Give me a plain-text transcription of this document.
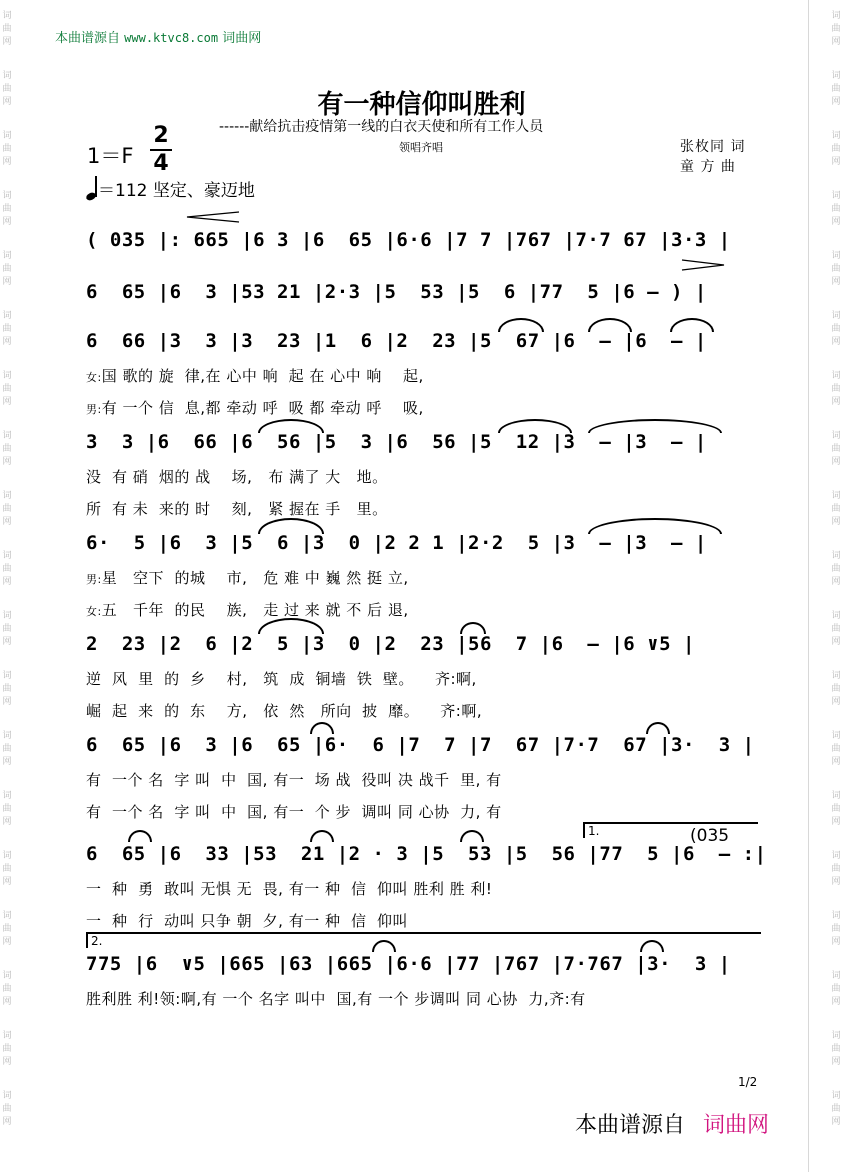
词
曲
网
词
曲
网
词
曲
网
词
曲
网
词
曲
网
词
曲
网
词
曲
网
词
曲
网
词
曲
网
词
曲
网
词
曲
网
词
曲
网
词
曲
网
词
曲
网
词
曲
网
词
曲
网
词
曲
网
词
曲
网
词
曲
网
词
曲
网
词
曲
网
词
曲
网
词
曲
网
词
曲
网
词
曲
网
词
曲
网
词
曲
网
词
曲
网
词
曲
网
词
曲
网
词
曲
网
词
曲
网
词
曲
网
词
曲
网
词
曲
网
词
曲
网
词
曲
网
词
曲
网
本曲谱源自 www.ktvc8.com 词曲网
有一种信仰叫胜利
------献给抗击疫情第一线的白衣天使和所有工作人员
领唱齐唱	张枚同 词
童 方 曲
1＝F
2
4
＝112 坚定、豪迈地
( 035 |: 665 |6 3 |6  65 |6·6 |7 7 |767 |7·7 67 |3·3 |
6  65 |6  3 |53 21 |2·3 |5  53 |5  6 |77  5 |6 — ) |
6  66 |3  3 |3  23 |1  6 |2  23 |5  67 |6  — |6  — |
女:国 歌的 旋  律,在 心中 响  起 在 心中 响    起,
男:有 一个 信  息,都 牵动 呼  吸 都 牵动 呼    吸,
3  3 |6  66 |6  56 |5  3 |6  56 |5  12 |3  — |3  — |
没  有 硝  烟的 战    场,   布 满了 大   地。
所  有 未  来的 时    刻,   紧 握在 手   里。
6·  5 |6  3 |5  6 |3  0 |2 2 1 |2·2  5 |3  — |3  — |
男:星   空下  的城    市,   危 难 中 巍 然 挺 立,
女:五   千年  的民    族,   走 过 来 就 不 后 退,
2  23 |2  6 |2  5 |3  0 |2  23 |56  7 |6  — |6 ∨5 |
逆  风  里  的  乡    村,   筑  成  铜墙  铁  壁。    齐:啊,
崛  起  来  的  东    方,   依  然   所向  披  靡。    齐:啊,
6  65 |6  3 |6  65 |6·  6 |7  7 |7  67 |7·7  67 |3·  3 |
有  一个 名  字 叫  中  国, 有一  场 战  役叫 决 战千  里, 有
有  一个 名  字 叫  中  国, 有一  个 步  调叫 同 心协  力, 有
1.	(035
6  65 |6  33 |53  21 |2 · 3 |5  53 |5  56 |77  5 |6  — :|
一  种  勇  敢叫 无惧 无  畏, 有一 种  信  仰叫 胜利 胜 利!
一  种  行  动叫 只争 朝  夕, 有一 种  信  仰叫
2.
775 |6  ∨5 |665 |63 |665 |6·6 |77 |767 |7·767 |3·  3 |
胜利胜 利!领:啊,有 一个 名字 叫中  国,有 一个 步调叫 同 心协  力,齐:有
1/2
本曲谱源自 词曲网
